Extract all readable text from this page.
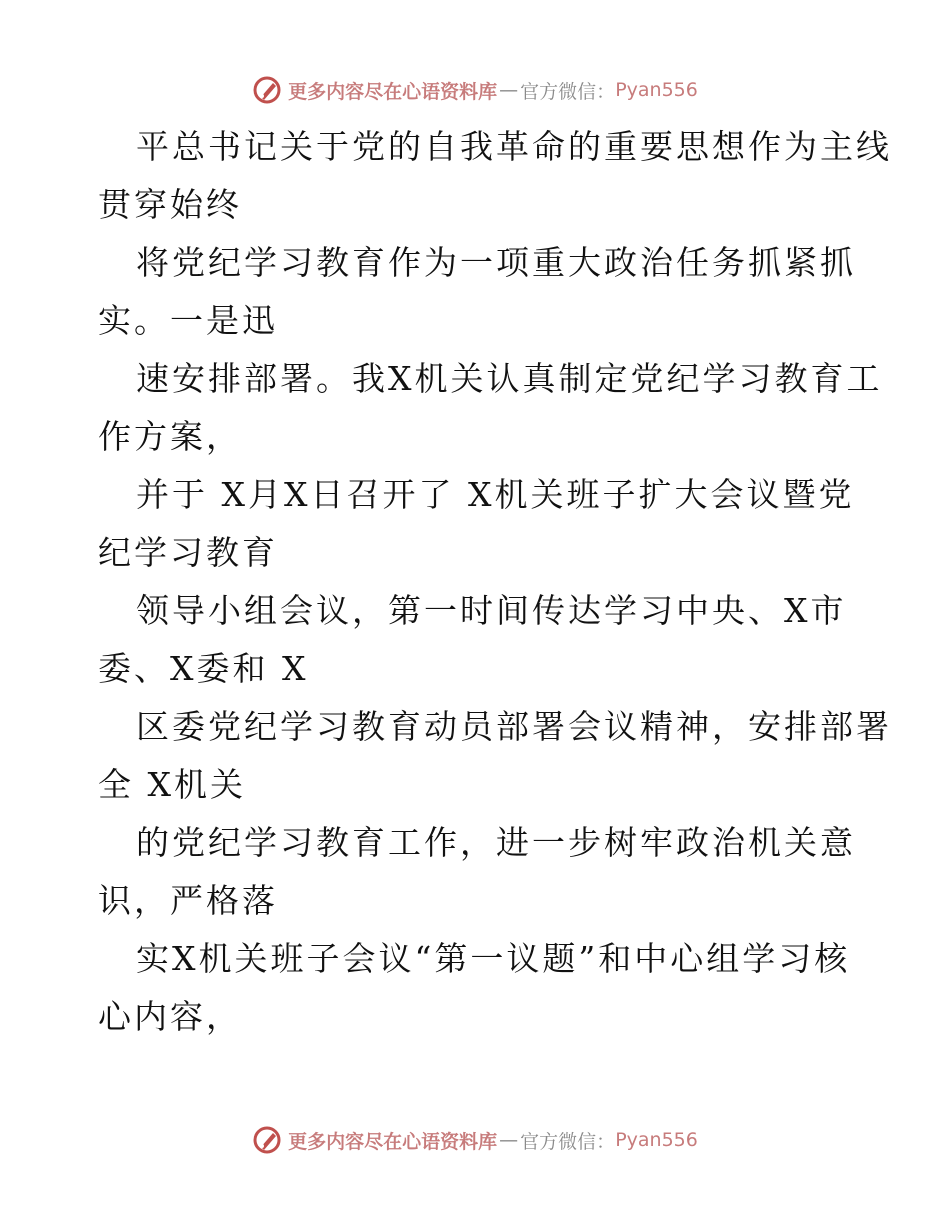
更多内容尽在心语资料库 — 官方微信： Pyan556
平总书记关于党的自我革命的重要思想作为主线
贯穿始终
将党纪学习教育作为一项重大政治任务抓紧抓
实。一是迅
速安排部署。我X机关认真制定党纪学习教育工
作方案，
并于 X月X日召开了 X机关班子扩大会议暨党
纪学习教育
领导小组会议，第一时间传达学习中央、X市
委、X委和 X
区委党纪学习教育动员部署会议精神，安排部署
全 X机关
的党纪学习教育工作，进一步树牢政治机关意
识，严格落
实X机关班子会议“第一议题”和中心组学习核
心内容，
更多内容尽在心语资料库 — 官方微信： Pyan556
